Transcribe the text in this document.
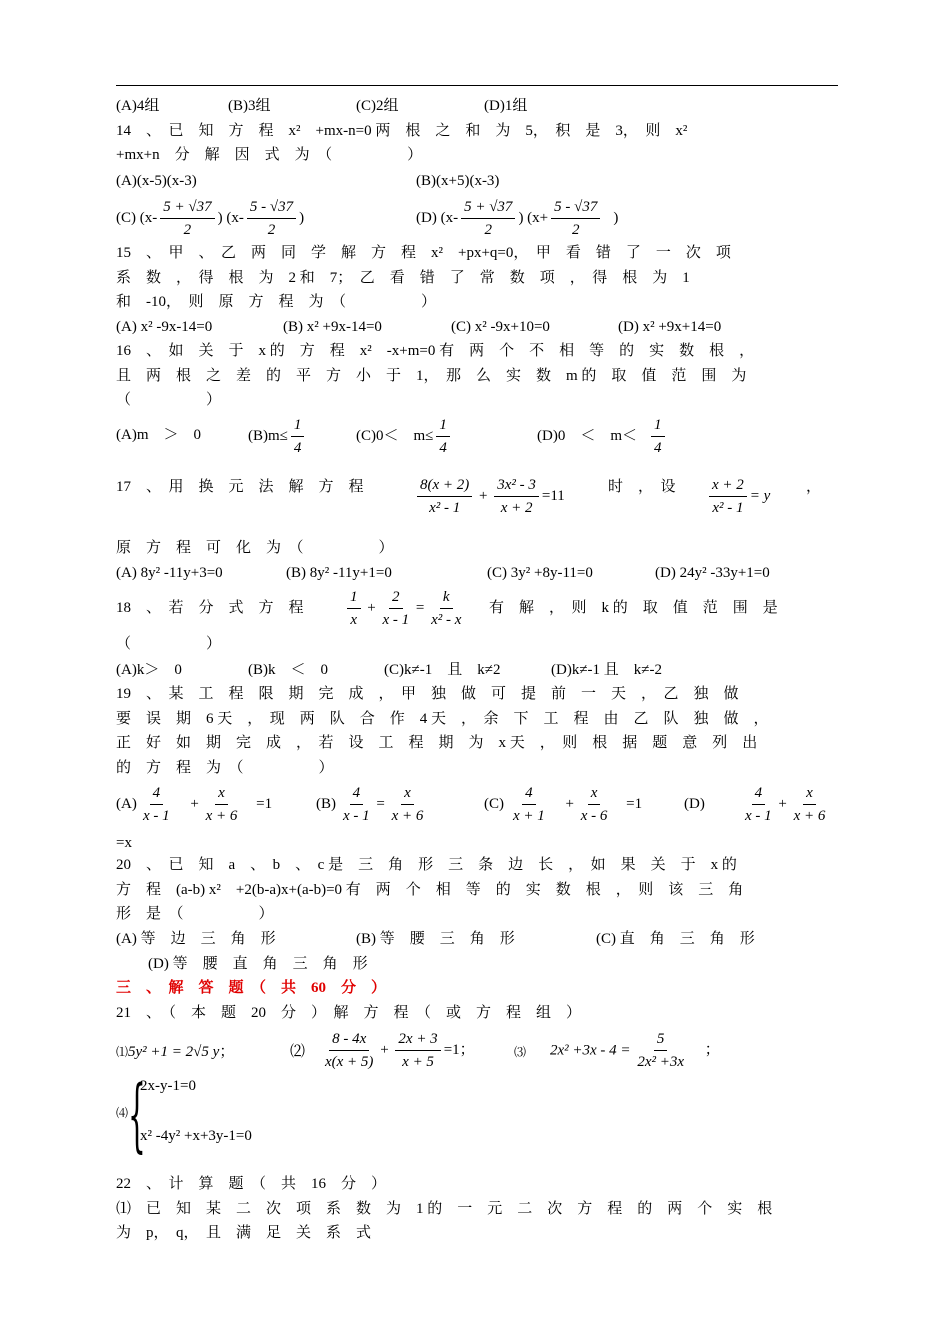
(A)4组	(B)3组	(C)2组	(D)1组
14　、　已　知　方　程　x²　+mx-n=0 两　根　之　和　为　5，　积　是　3，　则　x²
+mx+n　分　解　因　式　为　（　　　　　）
(A)(x-5)(x-3)	(B)(x+5)(x-3)
(C) ($x- \frac{5 + √37}{2}$ ) ($x- \frac{5 - √37}{2}$ )	(D) ($x- \frac{5 + √37}{2}$ ) ($x+ \frac{5 - √37}{2}$ )
15　、　甲　、　乙　两　同　学　解　方　程　x²　+px+q=0，　甲　看　错　了　一　次　项
系　数　，　得　根　为　2 和　7；　乙　看　错　了　常　数　项　，　得　根　为　1
和　-10，　则　原　方　程　为　（　　　　　）
(A) x² -9x-14=0	(B) x² +9x-14=0	(C) x² -9x+10=0	(D) x² +9x+14=0
16　、　如　关　于　x 的　方　程　x²　-x+m=0 有　两　个　不　相　等　的　实　数　根　，
且　两　根　之　差　的　平　方　小　于　1，　那　么　实　数　m 的　取　值　范　围　为
（　　　　　）
(A)m　＞　0	$(B)m\le \frac{1}{4}$	(C)0＜　$m\le \frac{1}{4}$	(D)0　＜　$m< \frac{1}{4}$
17　、　用　换　元　法　解　方　程	$\frac{8(x + 2)}{\text{x² - 1}} + \frac{\text{3x² - 3}}{x + 2} =11$
时　，　设 $\frac{x + 2}{\text{x² - 1}} = y$
，
原　方　程　可　化　为　（　　　　　）
(A) 8y² -11y+3=0	(B) 8y² -11y+1=0	(C) 3y² +8y-11=0	(D) 24y² -33y+1=0
18　、　若　分　式　方　程	$\frac{1}{x} + \frac{2}{x - 1} = \frac{k}{\text{x² - x}}$ 有　解　，　则　k 的　取　值　范　围　是
（　　　　　）
(A)k＞　0	(B)k　＜　0	(C)k≠-1　且　k≠2	(D)k≠-1 且　k≠-2
19　、　某　工　程　限　期　完　成　，　甲　独　做　可　提　前　一　天　，　乙　独　做
要　误　期　6 天　，　现　两　队　合　作　4 天　，　余　下　工　程　由　乙　队　独　做　，
正　好　如　期　完　成　，　若　设　工　程　期　为　x 天　，　则　根　据　题　意　列　出
的　方　程　为　（　　　　　）
$(A) \frac{4}{x - 1} + \frac{x}{x + 6} =1$	$(B) \frac{4}{x - 1} = \frac{x}{x + 6}$	$(C) \frac{4}{x + 1} + \frac{x}{x - 6} =1$	(D)	$\frac{4}{x - 1} + \frac{x}{x + 6}$
=x
20　、　已　知　a　、　b　、　c 是　三　角　形　三　条　边　长　，　如　果　关　于　x 的
方　程　(a-b) x²　+2(b-a)x+(a-b)=0 有　两　个　相　等　的　实　数　根　，　则　该　三　角
形　是　（　　　　　）
(A) 等　边　三　角　形	(B) 等　腰　三　角　形	(C) 直　角　三　角　形
(D) 等　腰　直　角　三　角　形
三　、　解　答　题　（　共　60　分　）
21　、　（　本　题　20　分　）　解　方　程　（　或　方　程　组　）
⑴5y² +1 = 2√5 y；	⑵ $\frac{8 - 4x}{x(x + 5)} + \frac{2x + 3}{x + 5} =1$；	⑶ $2x^2 +3x - 4 = \frac{5}{\text{2x² +3x}}$ ；
⑷ {
2x-y-1=0
x² -4y² +x+3y-1=0
22　、　计　算　题　（　共　16　分　）
⑴　已　知　某　二　次　项　系　数　为　1 的　一　元　二　次　方　程　的　两　个　实　根
为　p，　q，　且　满　足　关　系　式
